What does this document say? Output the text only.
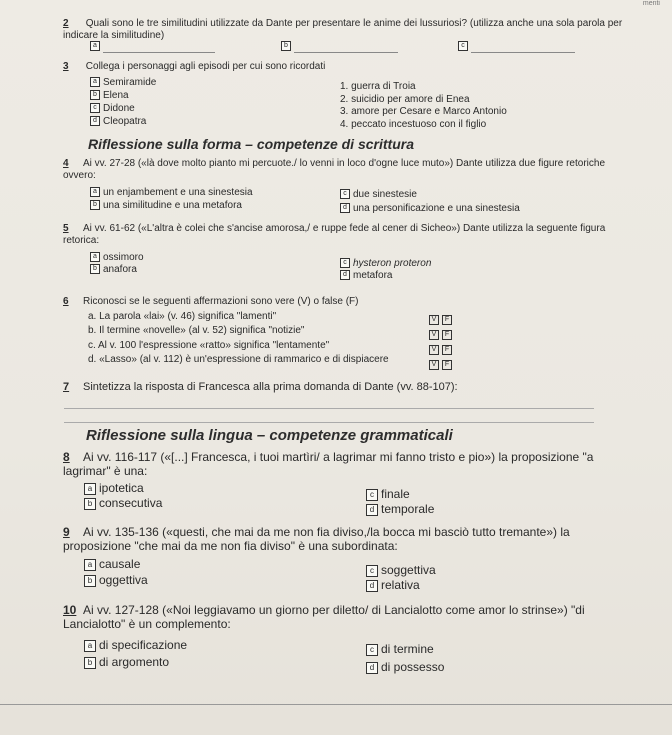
menti
2 Quali sono le tre similitudini utilizzate da Dante per presentare le anime dei lussuriosi? (utilizza anche una sola parola per indicare la similitudine)
a	b	c
3 Collega i personaggi agli episodi per cui sono ricordati
a Semiramide
b Elena
c Didone
d Cleopatra
1. guerra di Troia
2. suicidio per amore di Enea
3. amore per Cesare e Marco Antonio
4. peccato incestuoso con il figlio
Riflessione sulla forma – competenze di scrittura
4 Ai vv. 27-28 («là dove molto pianto mi percuote./ lo venni in loco d'ogne luce muto») Dante utilizza due figure retoriche ovvero:
a un enjambement e una sinestesia
b una similitudine e una metafora
c due sinestesie
d una personificazione e una sinestesia
5 Ai vv. 61-62 («L'altra è colei che s'ancise amorosa,/ e ruppe fede al cener di Sicheo») Dante utilizza la seguente figura retorica:
a ossimoro
b anafora
c hysteron proteron
d metafora
6 Riconosci se le seguenti affermazioni sono vere (V) o false (F)
a. La parola «lai» (v. 46) significa "lamenti"
b. Il termine «novelle» (al v. 52) significa "notizie"
c. Al v. 100 l'espressione «ratto» significa "lentamente"
d. «Lasso» (al v. 112) è un'espressione di rammarico e di dispiacere
V F
V F
V F
V F
7 Sintetizza la risposta di Francesca alla prima domanda di Dante (vv. 88-107):
Riflessione sulla lingua – competenze grammaticali
8 Ai vv. 116-117 («[...] Francesca, i tuoi martìri/ a lagrimar mi fanno tristo e pio») la proposizione "a lagrimar" è una:
a ipotetica
b consecutiva
c finale
d temporale
9 Ai vv. 135-136 («questi, che mai da me non fia diviso,/la bocca mi basciò tutto tremante») la proposizione "che mai da me non fia diviso" è una subordinata:
a causale
b oggettiva
c soggettiva
d relativa
10 Ai vv. 127-128 («Noi leggiavamo un giorno per diletto/ di Lancialotto come amor lo strinse») "di Lancialotto" è un complemento:
a di specificazione
b di argomento
c di termine
d di possesso
